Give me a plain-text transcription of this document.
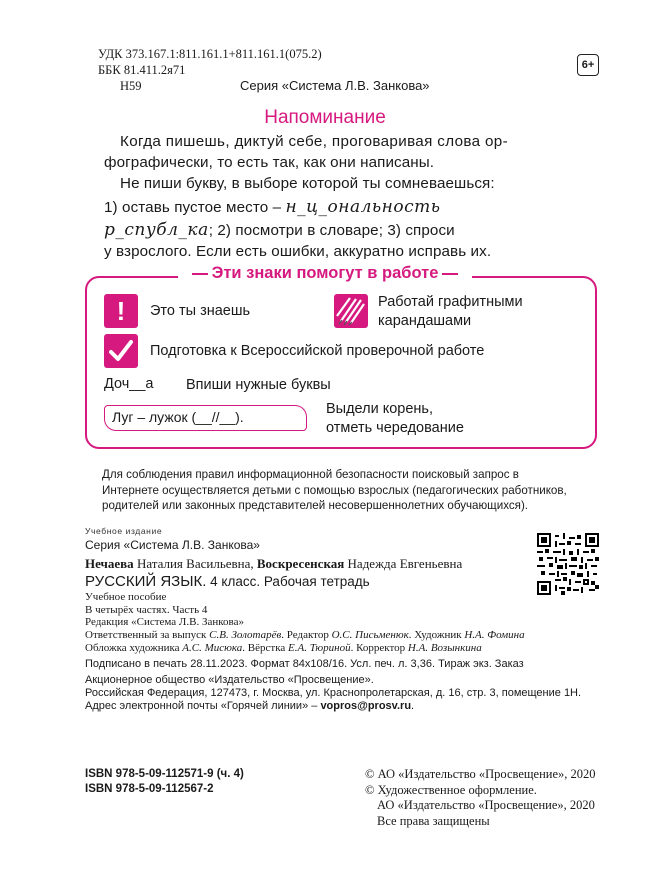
УДК 373.167.1:811.161.1+811.161.1(075.2)
ББК 81.411.2я71
Н59	Серия «Система Л.В. Занкова»
6+
Напоминание
Когда пишешь, диктуй себе, проговаривая слова ор-
фографически, то есть так, как они написаны.
Не пиши букву, в выборе которой ты сомневаешься:
1) оставь пустое место – н_ц_ональность
р_спубл_ка; 2) посмотри в словаре; 3) спроси
у взрослого. Если есть ошибки, аккуратно исправь их.
Эти знаки помогут в работе
!	Это ты знаешь
Работай графитными
карандашами
Подготовка к Всероссийской проверочной работе
Доч__а Впиши нужные буквы
Луг – лужок (__//__).	Выдели корень,
отметь чередование
Для соблюдения правил информационной безопасности поисковый запрос в Интернете осуществляется детьми с помощью взрослых (педагогических работников, родителей или законных представителей несовершеннолетних обучающихся).
Учебное издание
Серия «Система Л.В. Занкова»
Нечаева Наталия Васильевна, Воскресенская Надежда Евгеньевна
РУССКИЙ ЯЗЫК. 4 класс. Рабочая тетрадь
Учебное пособие
В четырёх частях. Часть 4
Редакция «Система Л.В. Занкова»
Ответственный за выпуск С.В. Золотарёв. Редактор О.С. Письменюк. Художник Н.А. Фомина
Обложка художника А.С. Мисюка. Вёрстка Е.А. Тюриной. Корректор Н.А. Возынкина
Подписано в печать 28.11.2023. Формат 84x108/16. Усл. печ. л. 3,36. Тираж экз. Заказ
Акционерное общество «Издательство «Просвещение».
Российская Федерация, 127473, г. Москва, ул. Краснопролетарская, д. 16, стр. 3, помещение 1Н.
Адрес электронной почты «Горячей линии» – vopros@prosv.ru.
ISBN 978-5-09-112571-9 (ч. 4)
ISBN 978-5-09-112567-2
© АО «Издательство «Просвещение», 2020
© Художественное оформление.
АО «Издательство «Просвещение», 2020
Все права защищены
